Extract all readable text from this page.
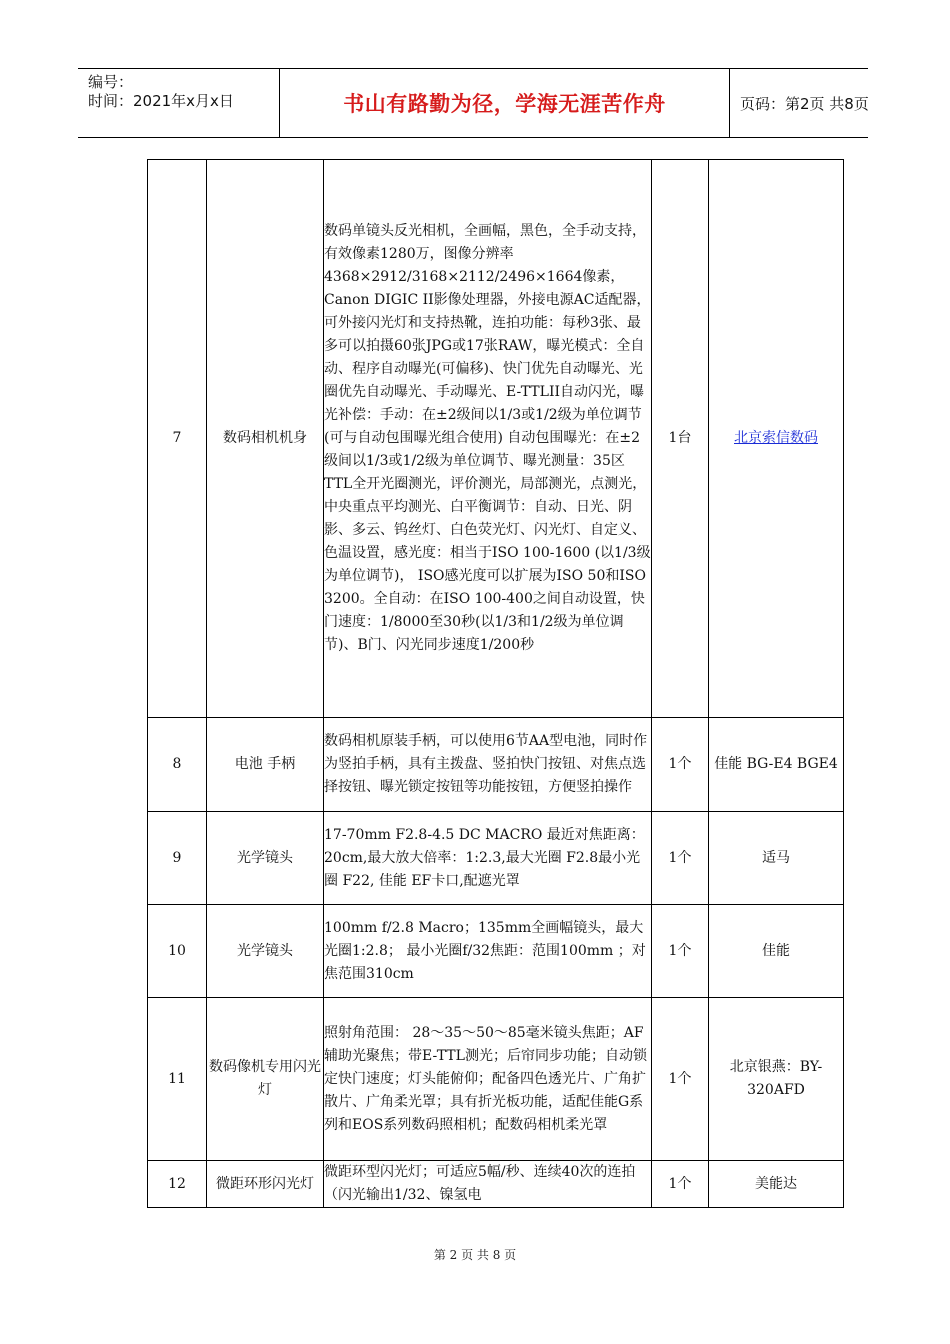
编号：
时间：2021年x月x日	书山有路勤为径，学海无涯苦作舟	页码：第2页 共8页
7	数码相机机身	数码单镜头反光相机，全画幅，黑色，全手动支持，有效像素1280万，图像分辨率4368×2912/3168×2112/2496×1664像素，Canon DIGIC II影像处理器，外接电源AC适配器，可外接闪光灯和支持热靴，连拍功能：每秒3张、最多可以拍摄60张JPG或17张RAW，曝光模式：全自动、程序自动曝光(可偏移)、快门优先自动曝光、光圈优先自动曝光、手动曝光、E-TTLII自动闪光，曝光补偿：手动：在±2级间以1/3或1/2级为单位调节(可与自动包围曝光组合使用) 自动包围曝光：在±2级间以1/3或1/2级为单位调节、曝光测量：35区TTL全开光圈测光，评价测光，局部测光，点测光，中央重点平均测光、白平衡调节：自动、日光、阴影、多云、钨丝灯、白色荧光灯、闪光灯、自定义、色温设置，感光度：相当于ISO 100-1600 (以1/3级为单位调节)， ISO感光度可以扩展为ISO 50和ISO 3200。全自动：在ISO 100-400之间自动设置，快门速度：1/8000至30秒(以1/3和1/2级为单位调节)、B门、闪光同步速度1/200秒	1台	北京索信数码
8	电池 手柄	数码相机原装手柄，可以使用6节AA型电池，同时作为竖拍手柄，具有主拨盘、竖拍快门按钮、对焦点选择按钮、曝光锁定按钮等功能按钮，方便竖拍操作	1个	佳能 BG-E4 BGE4
9	光学镜头	17-70mm F2.8-4.5 DC MACRO 最近对焦距离：20cm,最大放大倍率：1:2.3,最大光圈 F2.8最小光圈 F22, 佳能 EF卡口,配遮光罩	1个	适马
10	光学镜头	100mm f/2.8 Macro；135mm全画幅镜头，最大光圈1:2.8； 最小光圈f/32焦距：范围100mm ；对焦范围310cm	1个	佳能
11	数码像机专用闪光灯	照射角范围： 28～35～50～85毫米镜头焦距；AF辅助光聚焦；带E-TTL测光；后帘同步功能；自动锁定快门速度；灯头能俯仰；配备四色透光片、广角扩散片、广角柔光罩；具有折光板功能，适配佳能G系列和EOS系列数码照相机；配数码相机柔光罩	1个	北京银燕：BY-320AFD
12	微距环形闪光灯	微距环型闪光灯；可适应5幅/秒、连续40次的连拍（闪光输出1/32、镍氢电	1个	美能达
第 2 页 共 8 页
